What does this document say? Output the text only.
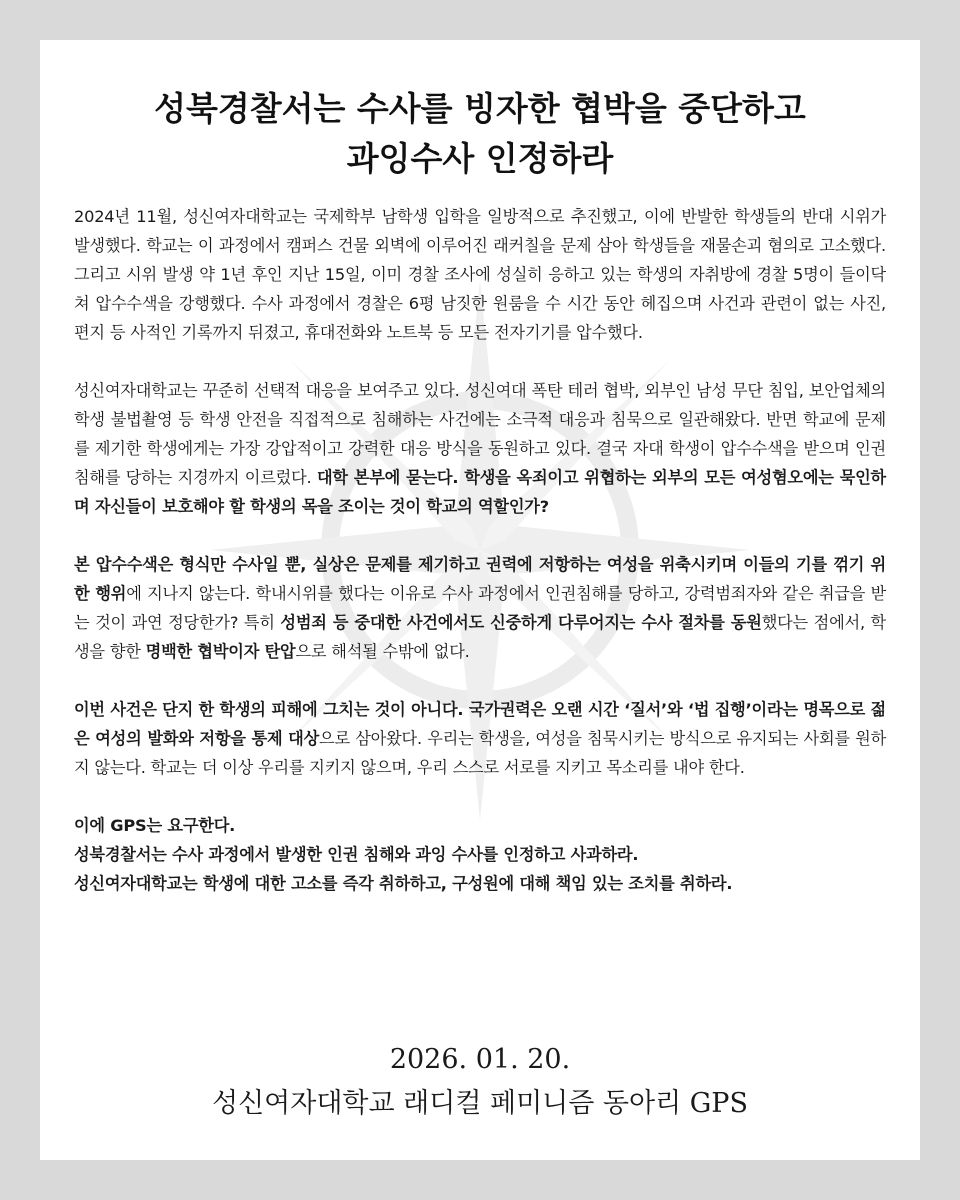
성북경찰서는 수사를 빙자한 협박을 중단하고
과잉수사 인정하라

2024년 11월, 성신여자대학교는 국제학부 남학생 입학을 일방적으로 추진했고, 이에 반발한 학생들의 반대 시위가 발생했다. 학교는 이 과정에서 캠퍼스 건물 외벽에 이루어진 래커칠을 문제 삼아 학생들을 재물손괴 혐의로 고소했다. 그리고 시위 발생 약 1년 후인 지난 15일, 이미 경찰 조사에 성실히 응하고 있는 학생의 자취방에 경찰 5명이 들이닥쳐 압수수색을 강행했다. 수사 과정에서 경찰은 6평 남짓한 원룸을 수 시간 동안 헤집으며 사건과 관련이 없는 사진, 편지 등 사적인 기록까지 뒤졌고, 휴대전화와 노트북 등 모든 전자기기를 압수했다.

성신여자대학교는 꾸준히 선택적 대응을 보여주고 있다. 성신여대 폭탄 테러 협박, 외부인 남성 무단 침입, 보안업체의 학생 불법촬영 등 학생 안전을 직접적으로 침해하는 사건에는 소극적 대응과 침묵으로 일관해왔다. 반면 학교에 문제를 제기한 학생에게는 가장 강압적이고 강력한 대응 방식을 동원하고 있다. 결국 자대 학생이 압수수색을 받으며 인권침해를 당하는 지경까지 이르렀다. 대학 본부에 묻는다. 학생을 옥죄이고 위협하는 외부의 모든 여성혐오에는 묵인하며 자신들이 보호해야 할 학생의 목을 조이는 것이 학교의 역할인가?

본 압수수색은 형식만 수사일 뿐, 실상은 문제를 제기하고 권력에 저항하는 여성을 위축시키며 이들의 기를 꺾기 위한 행위에 지나지 않는다. 학내시위를 했다는 이유로 수사 과정에서 인권침해를 당하고, 강력범죄자와 같은 취급을 받는 것이 과연 정당한가? 특히 성범죄 등 중대한 사건에서도 신중하게 다루어지는 수사 절차를 동원했다는 점에서, 학생을 향한 명백한 협박이자 탄압으로 해석될 수밖에 없다.

이번 사건은 단지 한 학생의 피해에 그치는 것이 아니다. 국가권력은 오랜 시간 ‘질서’와 ‘법 집행’이라는 명목으로 젊은 여성의 발화와 저항을 통제 대상으로 삼아왔다. 우리는 학생을, 여성을 침묵시키는 방식으로 유지되는 사회를 원하지 않는다. 학교는 더 이상 우리를 지키지 않으며, 우리 스스로 서로를 지키고 목소리를 내야 한다.

이에 GPS는 요구한다.
성북경찰서는 수사 과정에서 발생한 인권 침해와 과잉 수사를 인정하고 사과하라.
성신여자대학교는 학생에 대한 고소를 즉각 취하하고, 구성원에 대해 책임 있는 조치를 취하라.
2026. 01. 20.
성신여자대학교 래디컬 페미니즘 동아리 GPS
